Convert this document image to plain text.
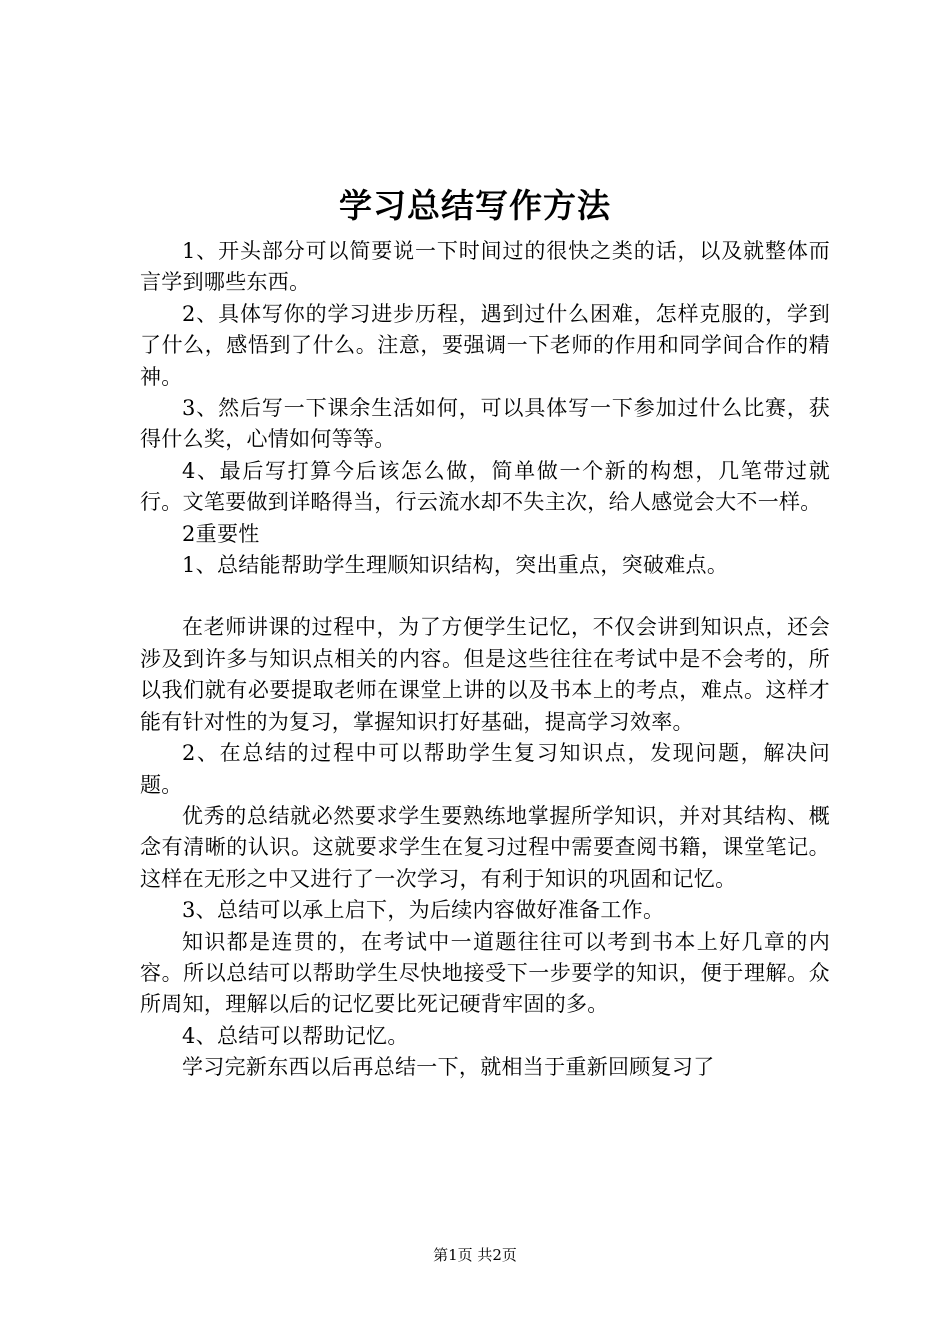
学习总结写作方法

1、开头部分可以简要说一下时间过的很快之类的话，以及就整体而言学到哪些东西。

2、具体写你的学习进步历程，遇到过什么困难，怎样克服的，学到了什么，感悟到了什么。注意，要强调一下老师的作用和同学间合作的精神。

3、然后写一下课余生活如何，可以具体写一下参加过什么比赛，获得什么奖，心情如何等等。

4、最后写打算今后该怎么做，简单做一个新的构想，几笔带过就行。文笔要做到详略得当，行云流水却不失主次，给人感觉会大不一样。

2重要性

1、总结能帮助学生理顺知识结构，突出重点，突破难点。

在老师讲课的过程中，为了方便学生记忆，不仅会讲到知识点，还会涉及到许多与知识点相关的内容。但是这些往往在考试中是不会考的，所以我们就有必要提取老师在课堂上讲的以及书本上的考点，难点。这样才能有针对性的为复习，掌握知识打好基础，提高学习效率。

2、在总结的过程中可以帮助学生复习知识点，发现问题，解决问题。

优秀的总结就必然要求学生要熟练地掌握所学知识，并对其结构、概念有清晰的认识。这就要求学生在复习过程中需要查阅书籍，课堂笔记。这样在无形之中又进行了一次学习，有利于知识的巩固和记忆。

3、总结可以承上启下，为后续内容做好准备工作。

知识都是连贯的，在考试中一道题往往可以考到书本上好几章的内容。所以总结可以帮助学生尽快地接受下一步要学的知识，便于理解。众所周知，理解以后的记忆要比死记硬背牢固的多。

4、总结可以帮助记忆。

学习完新东西以后再总结一下，就相当于重新回顾复习了

第1页 共2页
